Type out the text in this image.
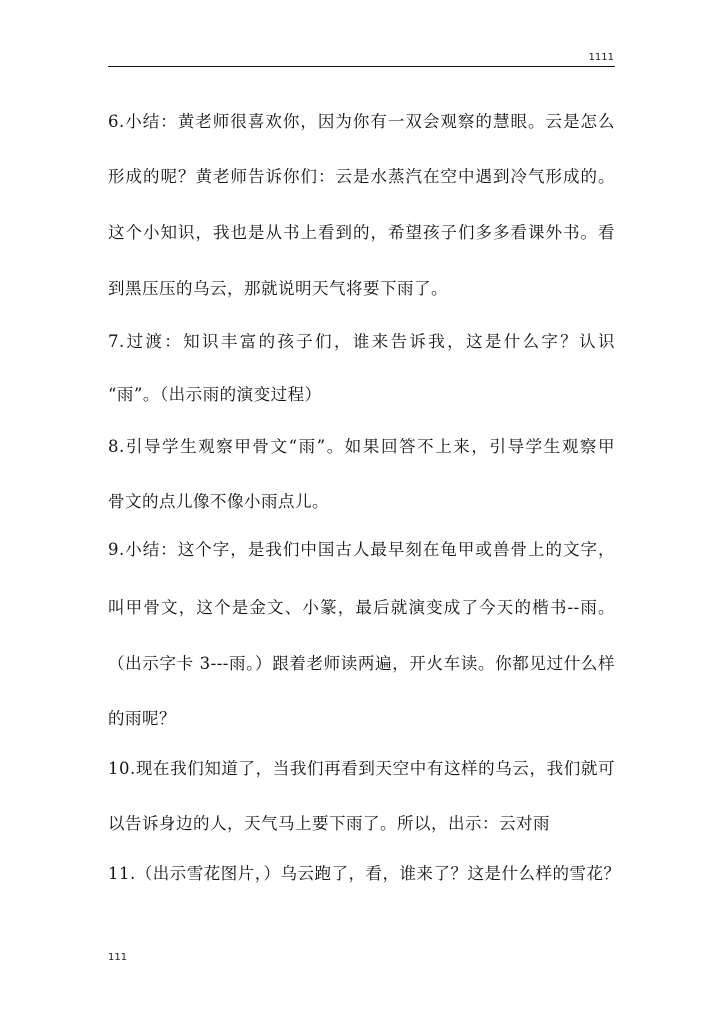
1111
6.小结：黄老师很喜欢你，因为你有一双会观察的慧眼。云是怎么
形成的呢？黄老师告诉你们：云是水蒸汽在空中遇到冷气形成的。
这个小知识，我也是从书上看到的，希望孩子们多多看课外书。看
到黑压压的乌云，那就说明天气将要下雨了。
7.过渡：知识丰富的孩子们，谁来告诉我，这是什么字？认识
“雨”。（出示雨的演变过程）
8.引导学生观察甲骨文“雨”。如果回答不上来，引导学生观察甲
骨文的点儿像不像小雨点儿。
9.小结：这个字，是我们中国古人最早刻在龟甲或兽骨上的文字，
叫甲骨文，这个是金文、小篆，最后就演变成了今天的楷书--雨。
（出示字卡 3---雨。）跟着老师读两遍，开火车读。你都见过什么样
的雨呢？
10.现在我们知道了，当我们再看到天空中有这样的乌云，我们就可
以告诉身边的人，天气马上要下雨了。所以，出示：云对雨
11.（出示雪花图片，）乌云跑了，看，谁来了？这是什么样的雪花？
111
